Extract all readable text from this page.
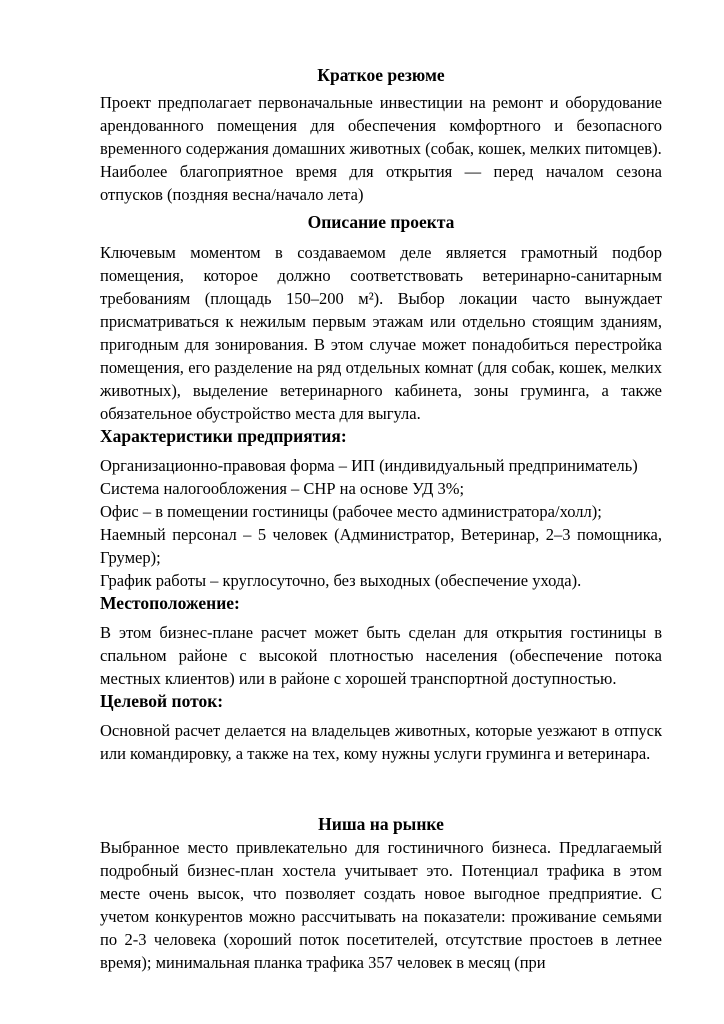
Краткое резюме

Проект предполагает первоначальные инвестиции на ремонт и оборудование арендованного помещения для обеспечения комфортного и безопасного временного содержания домашних животных (собак, кошек, мелких питомцев).

Наиболее благоприятное время для открытия — перед началом сезона отпусков (поздняя весна/начало лета)

Описание проекта

Ключевым моментом в создаваемом деле является грамотный подбор помещения, которое должно соответствовать ветеринарно-санитарным требованиям (площадь 150–200 м²). Выбор локации часто вынуждает присматриваться к нежилым первым этажам или отдельно стоящим зданиям, пригодным для зонирования. В этом случае может понадобиться перестройка помещения, его разделение на ряд отдельных комнат (для собак, кошек, мелких животных), выделение ветеринарного кабинета, зоны груминга, а также обязательное обустройство места для выгула.

Характеристики предприятия:

Организационно-правовая форма – ИП (индивидуальный предприниматель)

Система налогообложения – СНР на основе УД 3%;

Офис – в помещении гостиницы (рабочее место администратора/холл);

Наемный персонал – 5 человек (Администратор, Ветеринар, 2–3 помощника, Грумер);

График работы – круглосуточно, без выходных (обеспечение ухода).

Местоположение:

В этом бизнес-плане расчет может быть сделан для открытия гостиницы в спальном районе с высокой плотностью населения (обеспечение потока местных клиентов) или в районе с хорошей транспортной доступностью.

Целевой поток:

Основной расчет делается на владельцев животных, которые уезжают в отпуск или командировку, а также на тех, кому нужны услуги груминга и ветеринара.

Ниша на рынке

Выбранное место привлекательно для гостиничного бизнеса. Предлагаемый подробный бизнес-план хостела учитывает это. Потенциал трафика в этом месте очень высок, что позволяет создать новое выгодное предприятие. С учетом конкурентов можно рассчитывать на показатели: проживание семьями по 2-3 человека (хороший поток посетителей, отсутствие простоев в летнее время); минимальная планка трафика 357 человек в месяц (при
